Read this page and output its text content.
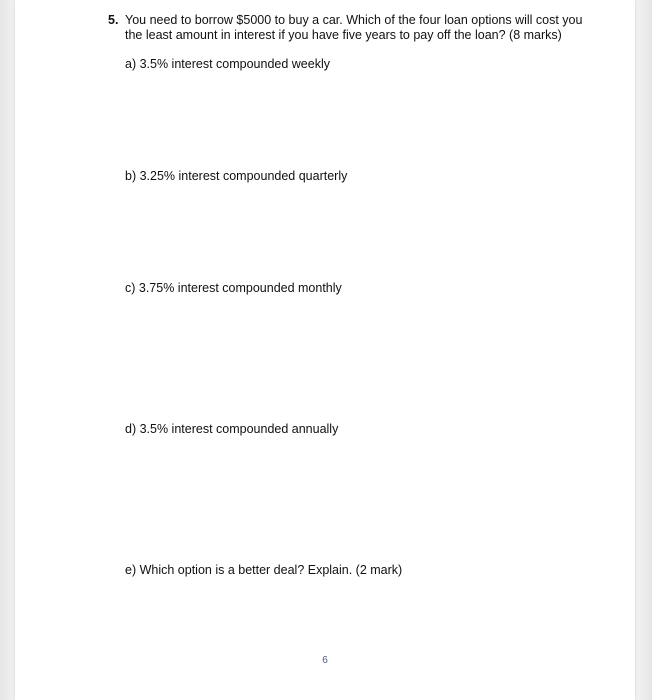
5. You need to borrow $5000 to buy a car. Which of the four loan options will cost you
the least amount in interest if you have five years to pay off the loan? (8 marks)
a) 3.5% interest compounded weekly
b) 3.25% interest compounded quarterly
c) 3.75% interest compounded monthly
d) 3.5% interest compounded annually
e) Which option is a better deal? Explain. (2 mark)
6
